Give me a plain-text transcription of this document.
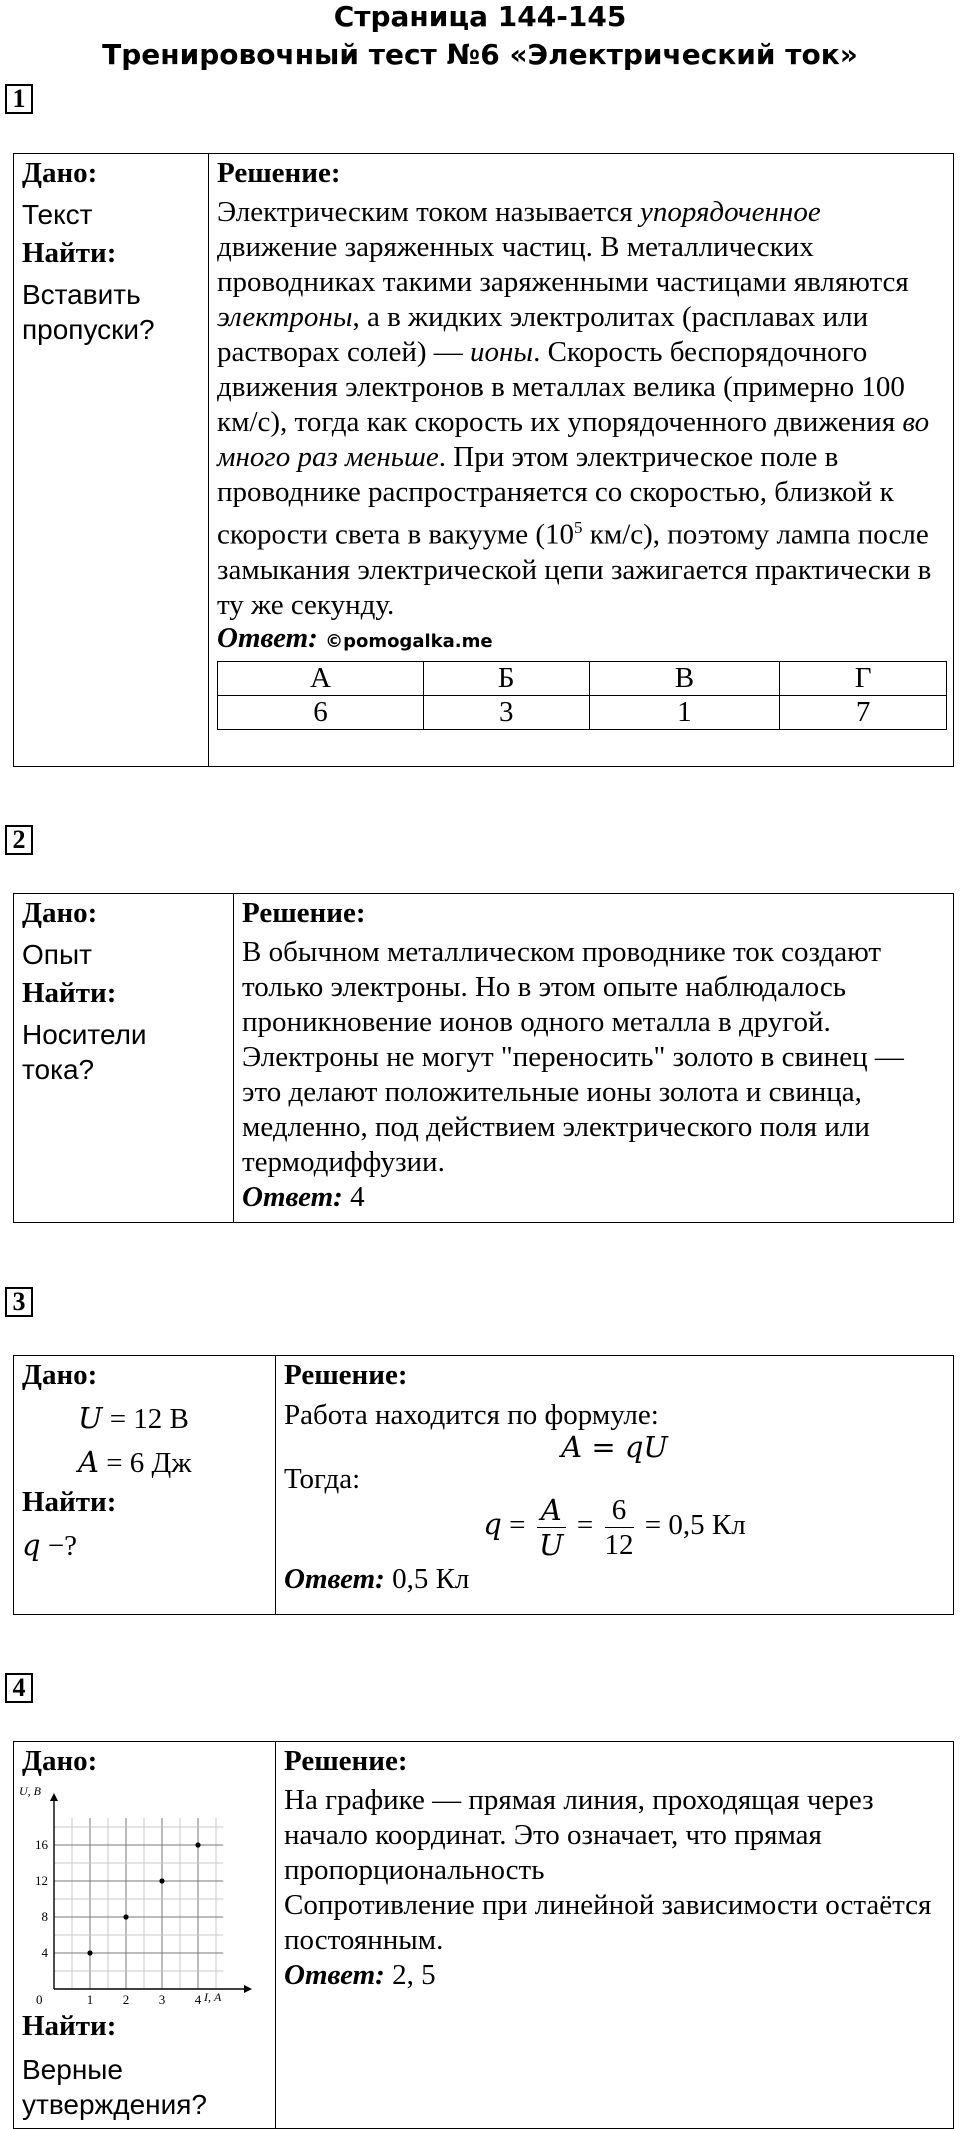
Страница 144-145
Тренировочный тест №6 «Электрический ток»
1
Дано:
Текст
Найти:
Вставить пропуски?

Решение:
Электрическим током называется упорядоченное движение заряженных частиц. В металлических проводниках такими заряженными частицами являются электроны, а в жидких электролитах (расплавах или растворах солей) — ионы. Скорость беспорядочного движения электронов в металлах велика (примерно 100 км/с), тогда как скорость их упорядоченного движения во много раз меньше. При этом электрическое поле в проводнике распространяется со скоростью, близкой к скорости света в вакууме ($10^5$ км/с), поэтому лампа после замыкания электрической цепи зажигается практически в ту же секунду.
Ответ: ©pomogalka.me
А	Б	В	Г
6	3	1	7
2
Дано:
Опыт
Найти:
Носители тока?

Решение:
В обычном металлическом проводнике ток создают только электроны. Но в этом опыте наблюдалось проникновение ионов одного металла в другой. Электроны не могут "переносить" золото в свинец — это делают положительные ионы золота и свинца, медленно, под действием электрического поля или термодиффузии.
Ответ: 4
3
Дано:
U = 12 В
A = 6 Дж
Найти:
q −?

Решение:
Работа находится по формуле:
A = qU
Тогда:
$q = \frac{A}{U} = \frac{6}{12} = 0,5$ Кл
Ответ: 0,5 Кл
4
Дано:
U, В
I, А
0	1 2 3 4
4
8
12
16
Найти:
Верные утверждения?

Решение:
На графике — прямая линия, проходящая через начало координат. Это означает, что прямая пропорциональность
Сопротивление при линейной зависимости остаётся постоянным.
Ответ: 2, 5
